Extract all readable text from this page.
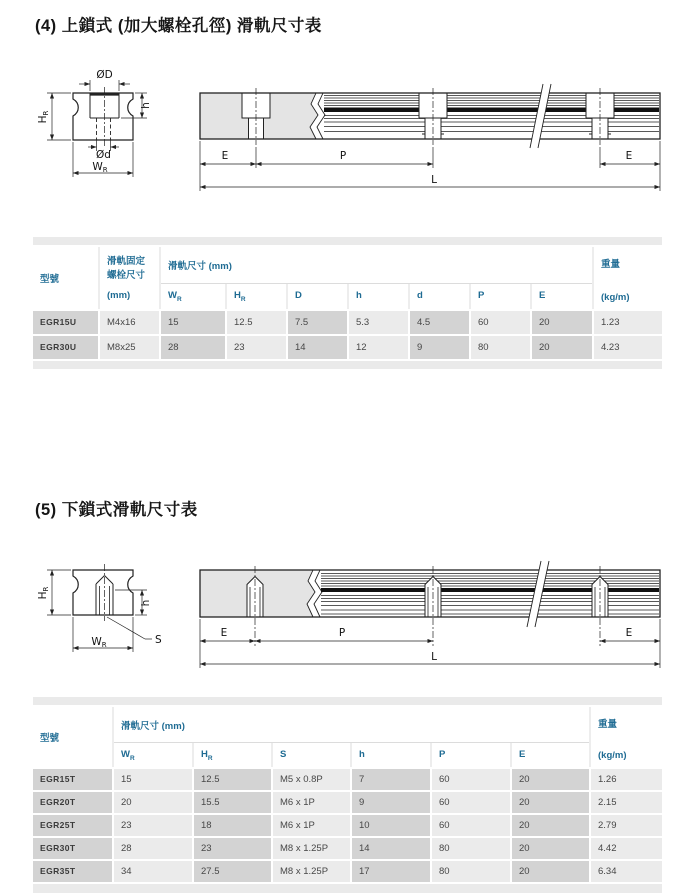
(4) 上鎖式 (加大螺栓孔徑) 滑軌尺寸表
ØD
h
HR
Ød
WR
E	P	E
L
型號
滑軌固定
螺栓尺寸
(mm)
滑軌尺寸 (mm)
$W_R$	$H_R$	D	h	d	P	E
重量
(kg/m)
EGR15U	M4x16	15	12.5	7.5	5.3	4.5	60	20	1.23
EGR30U	M8x25	28	23	14	12	9	80	20	4.23
(5) 下鎖式滑軌尺寸表
HR
h
WR	S
E	P	E
L
型號
滑軌尺寸 (mm)
$W_R$	$H_R$	S	h	P	E
重量
(kg/m)
EGR15T	15	12.5	M5 x 0.8P	7	60	20	1.26
EGR20T	20	15.5	M6 x 1P	9	60	20	2.15
EGR25T	23	18	M6 x 1P	10	60	20	2.79
EGR30T	28	23	M8 x 1.25P	14	80	20	4.42
EGR35T	34	27.5	M8 x 1.25P	17	80	20	6.34
